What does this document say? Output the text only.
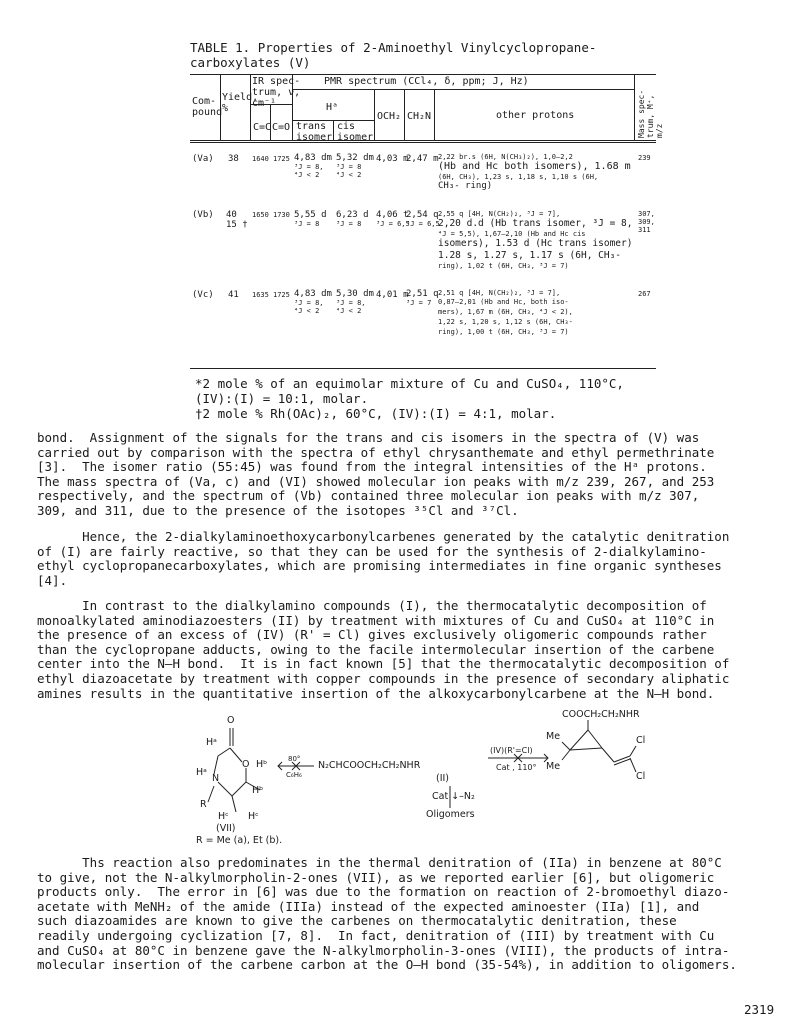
TABLE 1. Properties of 2-Aminoethyl Vinylcyclopropane-
carboxylates (V)
Com-
pound
Yield,
%
IR spec-
trum, ν,
cm⁻¹
C=C C=O
PMR spectrum (CCl₄, δ, ppm; J, Hz)
Hᵃ
trans
isomer
cis
isomer
OCH₂ CH₂N	other protons	Mass spec-trum, M⁺, m/z
(Va) 38 1640 1725 4,83 dm
³J = 8,
⁴J < 2
5,32 dm
³J = 8
⁴J < 2
4,03 m
2,47 m 2,22 br.s (6H, N(CH₃)₂), 1,0–2,2
(Hb and Hc both isomers), 1.68 m
(6H, CH₃), 1,23 s, 1,18 s, 1,10 s (6H,
CH₃- ring)
239
(Vb) 40
15 †
1650 1730 5,55 d
³J = 8
6,23 d
³J = 8
4,06 t
³J = 6,5
2,54 q
³J = 6,5
2,55 q [4H, N(CH₂)₂, ³J = 7],
2,20 d.d (Hb trans isomer, ³J = 8,
⁴J = 5,5), 1,67–2,10 (Hb and Hc cis
isomers), 1.53 d (Hc trans isomer)
1.28 s, 1.27 s, 1.17 s (6H, CH₃-
ring), 1,02 t (6H, CH₃, ³J = 7)
307,
309,
311
(Vc) 41 1635 1725 4,83 dm
³J = 8,
⁴J < 2
5,30 dm
³J = 8,
⁴J < 2
4,01 m
2,51 q
³J = 7
2,51 q [4H, N(CH₂)₂, ³J = 7],
0,87–2,01 (Hb and Hc, both iso-
mers), 1,67 m (6H, CH₃, ⁴J < 2),
1,22 s, 1,20 s, 1,12 s (6H, CH₃-
ring), 1,00 t (6H, CH₃, ³J = 7)
267
*2 mole % of an equimolar mixture of Cu and CuSO₄, 110°C,
(IV):(I) = 10:1, molar.
†2 mole % Rh(OAc)₂, 60°C, (IV):(I) = 4:1, molar.

bond.  Assignment of the signals for the trans and cis isomers in the spectra of (V) was
carried out by comparison with the spectra of ethyl chrysanthemate and ethyl permethrinate
[3].  The isomer ratio (55:45) was found from the integral intensities of the Hᵃ protons.
The mass spectra of (Va, c) and (VI) showed molecular ion peaks with m/z 239, 267, and 253
respectively, and the spectrum of (Vb) contained three molecular ion peaks with m/z 307,
309, and 311, due to the presence of the isotopes ³⁵Cl and ³⁷Cl.

Hence, the 2-dialkylaminoethoxycarbonylcarbenes generated by the catalytic denitration
of (I) are fairly reactive, so that they can be used for the synthesis of 2-dialkylamino-
ethyl cyclopropanecarboxylates, which are promising intermediates in fine organic syntheses
[4].

In contrast to the dialkylamino compounds (I), the thermocatalytic decomposition of
monoalkylated aminodiazoesters (II) by treatment with mixtures of Cu and CuSO₄ at 110°C in
the presence of an excess of (IV) (R' = Cl) gives exclusively oligomeric compounds rather
than the cyclopropane adducts, owing to the facile intermolecular insertion of the carbene
center into the N–H bond.  It is in fact known [5] that the thermocatalytic decomposition of
ethyl diazoacetate by treatment with copper compounds in the presence of secondary aliphatic
amines results in the quantitative insertion of the alkoxycarbonylcarbene at the N–H bond.

O
Hᵃ
Hᵃ
O Hᵇ
N
Hᵇ
R
Hᶜ Hᶜ
80°
C₆H₆
N₂CHCOOCH₂CH₂NHR
(II)
Cat ↓–N₂
Oligomers
(IV)(R'=Cl)
Cat , 110°
COOCH₂CH₂NHR
Me
Me
Cl
Cl
(VII)
R = Me (a), Et (b).

Ths reaction also predominates in the thermal denitration of (IIa) in benzene at 80°C
to give, not the N-alkylmorpholin-2-ones (VII), as we reported earlier [6], but oligomeric
products only.  The error in [6] was due to the formation on reaction of 2-bromoethyl diazo-
acetate with MeNH₂ of the amide (IIIa) instead of the expected aminoester (IIa) [1], and
such diazoamides are known to give the carbenes on thermocatalytic denitration, these
readily undergoing cyclization [7, 8].  In fact, denitration of (III) by treatment with Cu
and CuSO₄ at 80°C in benzene gave the N-alkylmorpholin-3-ones (VIII), the products of intra-
molecular insertion of the carbene carbon at the O–H bond (35-54%), in addition to oligomers.

2319
